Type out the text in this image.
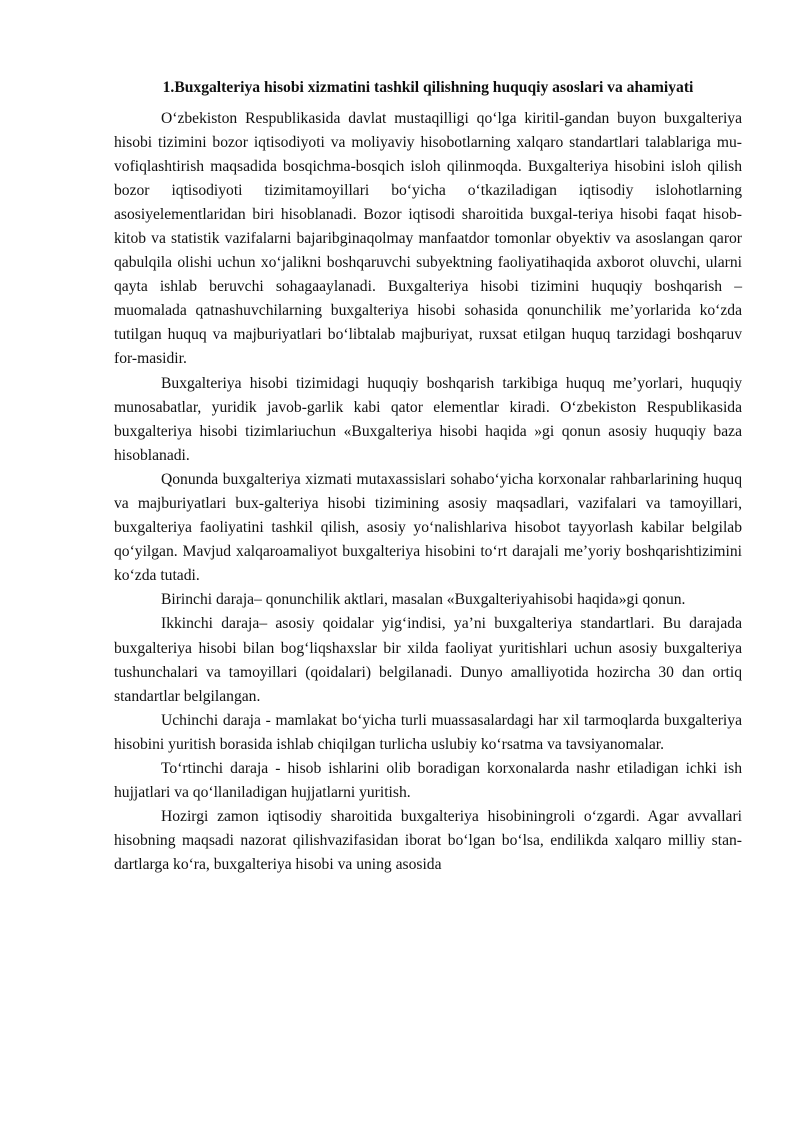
1.Buxgalteriya hisobi xizmatini tashkil qilishning huquqiy asoslari va ahamiyati

O‘zbekiston Respublikasida davlat mustaqilligi qo‘lga kiritil-gandan buyon buxgalteriya hisobi tizimini bozor iqtisodiyoti va moliyaviy hisobotlarning xalqaro standartlari talablariga mu-vofiqlashtirish maqsadida bosqichma-bosqich isloh qilinmoqda. Buxgalteriya hisobini isloh qilish bozor iqtisodiyoti tizimitamoyillari bo‘yicha o‘tkaziladigan iqtisodiy islohotlarning asosiyelementlaridan biri hisoblanadi. Bozor iqtisodi sharoitida buxgal-teriya hisobi faqat hisob-kitob va statistik vazifalarni bajaribginaqolmay manfaatdor tomonlar obyektiv va asoslangan qaror qabulqila olishi uchun xo‘jalikni boshqaruvchi subyektning faoliyatihaqida axborot oluvchi, ularni qayta ishlab beruvchi sohagaaylanadi. Buxgalteriya hisobi tizimini huquqiy boshqarish – muomalada qatnashuvchilarning buxgalteriya hisobi sohasida qonunchilik me’yorlarida ko‘zda tutilgan huquq va majburiyatlari bo‘libtalab majburiyat, ruxsat etilgan huquq tarzidagi boshqaruv for-masidir.

Buxgalteriya hisobi tizimidagi huquqiy boshqarish tarkibiga huquq me’yorlari, huquqiy munosabatlar, yuridik javob-garlik kabi qator elementlar kiradi. O‘zbekiston Respublikasida buxgalteriya hisobi tizimlariuchun «Buxgalteriya hisobi haqida »gi qonun asosiy huquqiy baza hisoblanadi.

Qonunda buxgalteriya xizmati mutaxassislari sohabo‘yicha korxonalar rahbarlarining huquq va majburiyatlari bux-galteriya hisobi tizimining asosiy maqsadlari, vazifalari va tamoyillari, buxgalteriya faoliyatini tashkil qilish, asosiy yo‘nalishlariva hisobot tayyorlash kabilar belgilab qo‘yilgan. Mavjud xalqaroamaliyot buxgalteriya hisobini to‘rt darajali me’yoriy boshqarishtizimini ko‘zda tutadi.

Birinchi daraja– qonunchilik aktlari, masalan «Buxgalteriyahisobi haqida»gi qonun.

Ikkinchi daraja– asosiy qoidalar yig‘indisi, ya’ni buxgalteriya standartlari. Bu darajada buxgalteriya hisobi bilan bog‘liqshaxslar bir xilda faoliyat yuritishlari uchun asosiy buxgalteriya tushunchalari va tamoyillari (qoidalari) belgilanadi. Dunyo amalliyotida hozircha 30 dan ortiq standartlar belgilangan.

Uchinchi daraja - mamlakat bo‘yicha turli muassasalardagi har xil tarmoqlarda buxgalteriya hisobini yuritish borasida ishlab chiqilgan turlicha uslubiy ko‘rsatma va tavsiyanomalar.

To‘rtinchi daraja - hisob ishlarini olib boradigan korxonalarda nashr etiladigan ichki ish hujjatlari va qo‘llaniladigan hujjatlarni yuritish.

Hozirgi zamon iqtisodiy sharoitida buxgalteriya hisobiningroli o‘zgardi. Agar avvallari hisobning maqsadi nazorat qilishvazifasidan iborat bo‘lgan bo‘lsa, endilikda xalqaro milliy stan-dartlarga ko‘ra, buxgalteriya hisobi va uning asosida
